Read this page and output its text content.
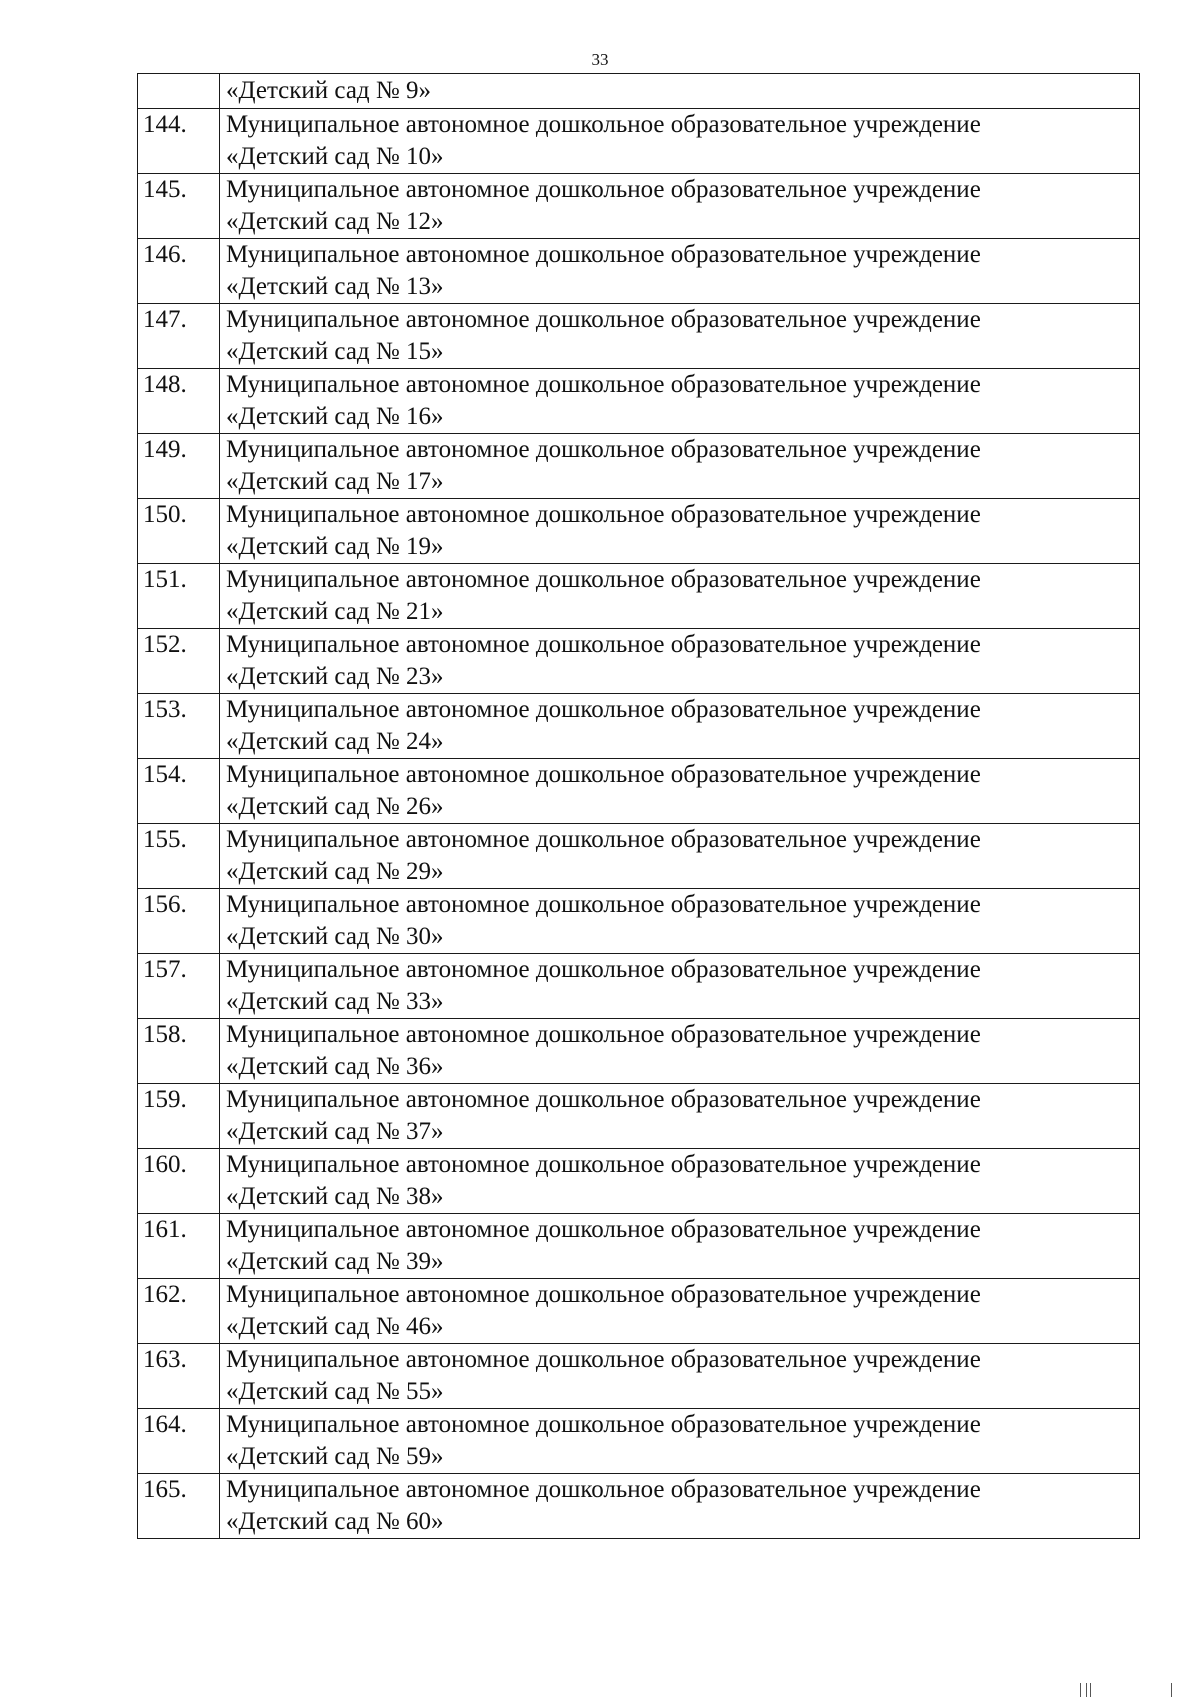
33

	«Детский сад № 9»

144.	Муниципальное автономное дошкольное образовательное учреждение
«Детский сад № 10»

145.	Муниципальное автономное дошкольное образовательное учреждение
«Детский сад № 12»

146.	Муниципальное автономное дошкольное образовательное учреждение
«Детский сад № 13»

147.	Муниципальное автономное дошкольное образовательное учреждение
«Детский сад № 15»

148.	Муниципальное автономное дошкольное образовательное учреждение
«Детский сад № 16»

149.	Муниципальное автономное дошкольное образовательное учреждение
«Детский сад № 17»

150.	Муниципальное автономное дошкольное образовательное учреждение
«Детский сад № 19»

151.	Муниципальное автономное дошкольное образовательное учреждение
«Детский сад № 21»

152.	Муниципальное автономное дошкольное образовательное учреждение
«Детский сад № 23»

153.	Муниципальное автономное дошкольное образовательное учреждение
«Детский сад № 24»

154.	Муниципальное автономное дошкольное образовательное учреждение
«Детский сад № 26»

155.	Муниципальное автономное дошкольное образовательное учреждение
«Детский сад № 29»

156.	Муниципальное автономное дошкольное образовательное учреждение
«Детский сад № 30»

157.	Муниципальное автономное дошкольное образовательное учреждение
«Детский сад № 33»

158.	Муниципальное автономное дошкольное образовательное учреждение
«Детский сад № 36»

159.	Муниципальное автономное дошкольное образовательное учреждение
«Детский сад № 37»

160.	Муниципальное автономное дошкольное образовательное учреждение
«Детский сад № 38»

161.	Муниципальное автономное дошкольное образовательное учреждение
«Детский сад № 39»

162.	Муниципальное автономное дошкольное образовательное учреждение
«Детский сад № 46»

163.	Муниципальное автономное дошкольное образовательное учреждение
«Детский сад № 55»

164.	Муниципальное автономное дошкольное образовательное учреждение
«Детский сад № 59»

165.	Муниципальное автономное дошкольное образовательное учреждение
«Детский сад № 60»
